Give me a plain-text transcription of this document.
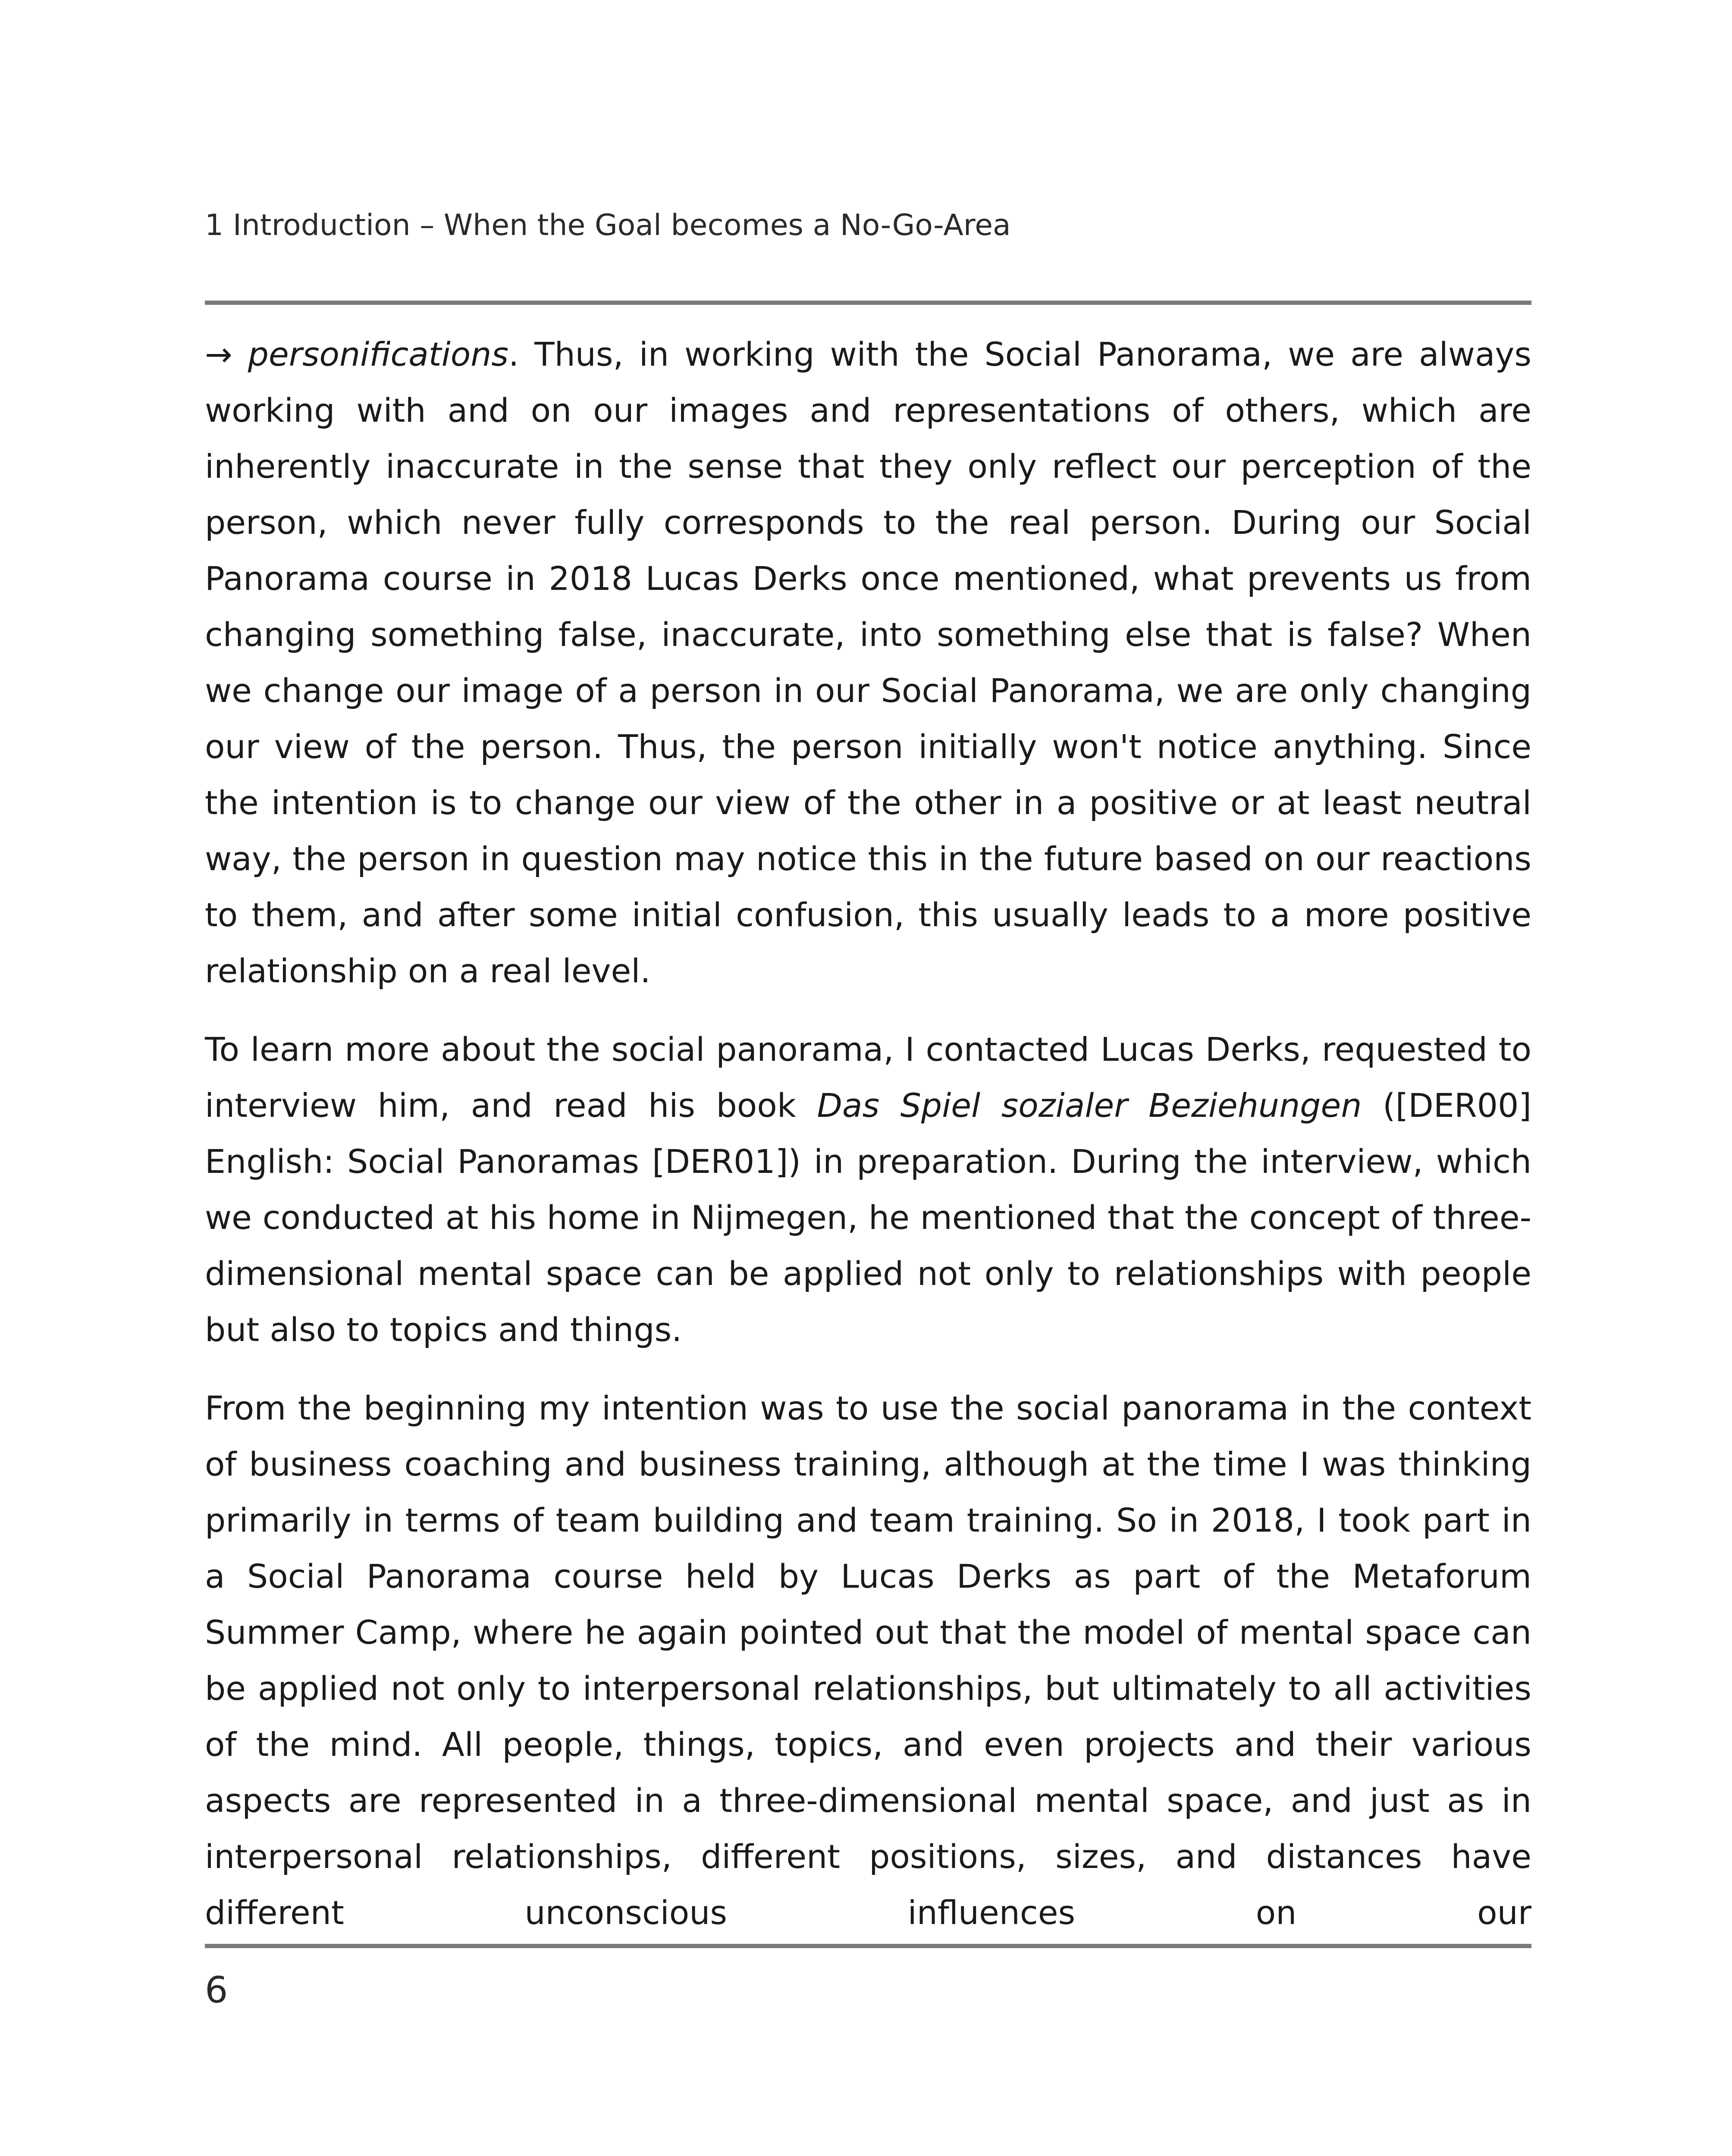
1 Introduction – When the Goal becomes a No-Go-Area

→ personifications. Thus, in working with the Social Panorama, we are always working with and on our images and representations of others, which are inherently inaccurate in the sense that they only reflect our perception of the person, which never fully corresponds to the real person. During our Social Panorama course in 2018 Lucas Derks once mentioned, what prevents us from changing something false, inaccurate, into something else that is false? When we change our image of a person in our Social Panorama, we are only changing our view of the person. Thus, the person initially won't notice anything. Since the intention is to change our view of the other in a positive or at least neutral way, the person in question may notice this in the future based on our reactions to them, and after some initial confusion, this usually leads to a more positive relationship on a real level.

To learn more about the social panorama, I contacted Lucas Derks, requested to interview him, and read his book Das Spiel sozialer Beziehungen ([DER00] English: Social Panoramas [DER01]) in preparation. During the interview, which we conducted at his home in Nijmegen, he mentioned that the concept of three-dimensional mental space can be applied not only to relationships with people but also to topics and things.

From the beginning my intention was to use the social panorama in the context of business coaching and business training, although at the time I was thinking primarily in terms of team building and team training. So in 2018, I took part in a Social Panorama course held by Lucas Derks as part of the Metaforum Summer Camp, where he again pointed out that the model of mental space can be applied not only to interpersonal relationships, but ultimately to all activities of the mind. All people, things, topics, and even projects and their various aspects are represented in a three-dimensional mental space, and just as in interpersonal relationships, different positions, sizes, and distances have different unconscious influences on our

6
